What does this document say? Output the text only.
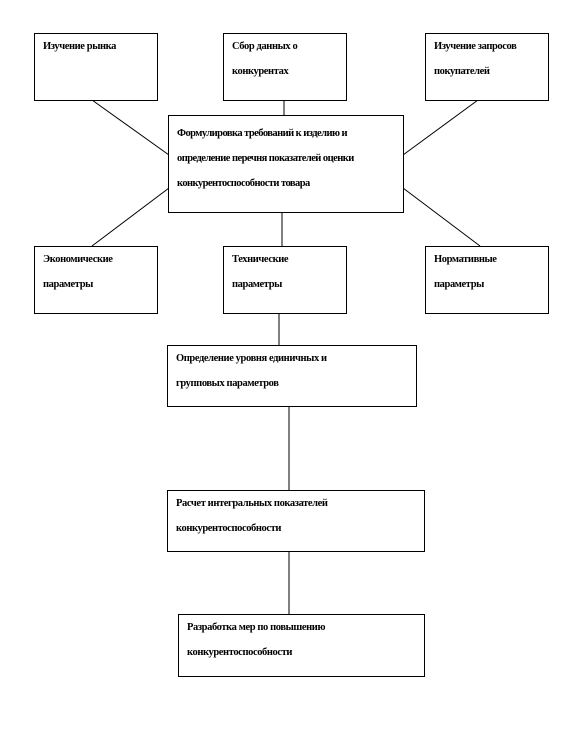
Изучение рынка	Сбор данных о конкурентах
Изучение запросов покупателей
Формулировка требований к изделию и определение перечня показателей оценки конкурентоспособности товара
Экономические параметры
Технические параметры
Нормативные параметры
Определение уровня единичных и групповых параметров
Расчет интегральных показателей конкурентоспособности
Разработка мер по повышению конкурентоспособности
